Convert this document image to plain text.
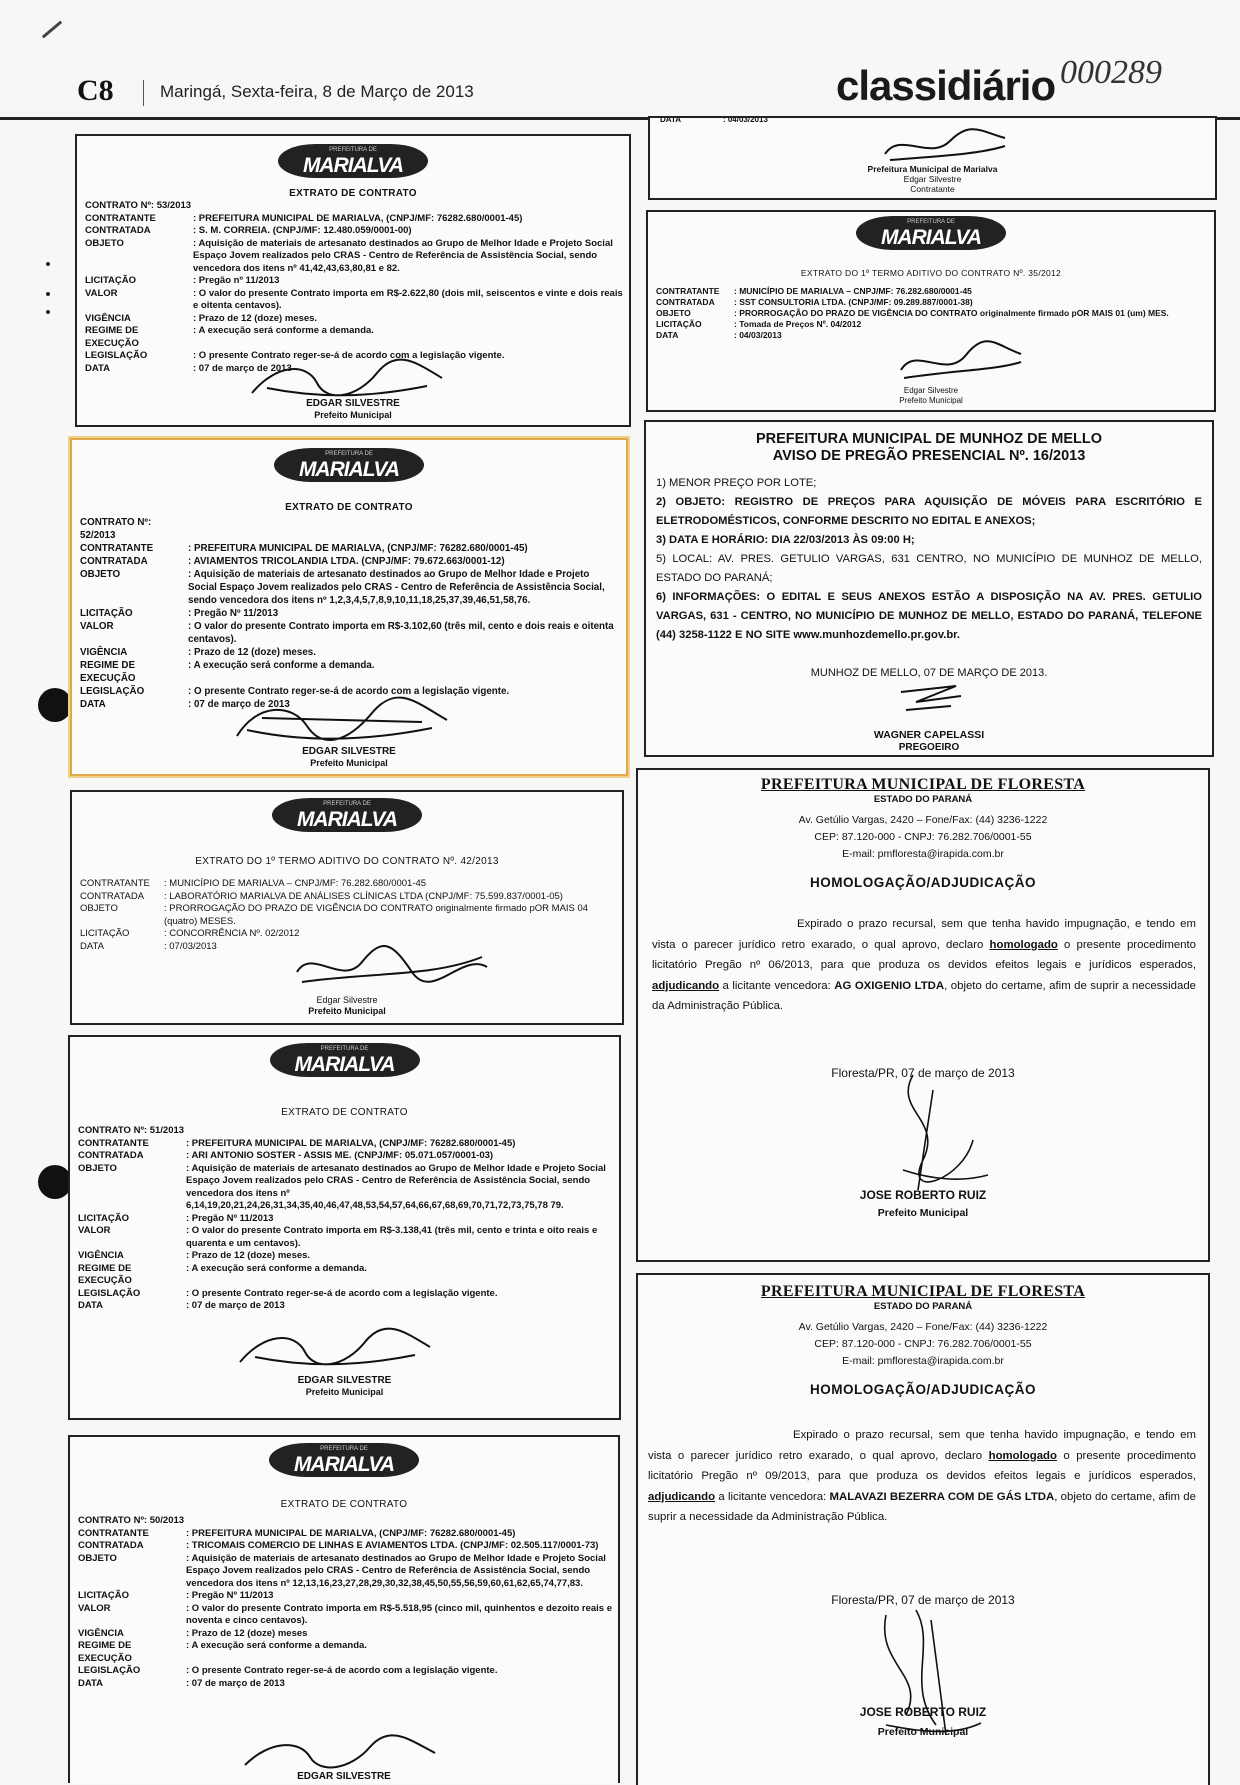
C8	Maringá, Sexta-feira, 8 de Março de 2013	classidiário 000289
PREFEITURA DE
MARIALVA
EXTRATO DE CONTRATO
CONTRATO Nº: 53/2013
CONTRATANTE	: PREFEITURA MUNICIPAL DE MARIALVA, (CNPJ/MF: 76282.680/0001-45)
CONTRATADA	: S. M. CORREIA. (CNPJ/MF: 12.480.059/0001-00)
OBJETO	: Aquisição de materiais de artesanato destinados ao Grupo de Melhor Idade e Projeto Social Espaço Jovem realizados pelo CRAS - Centro de Referência de Assistência Social, sendo vencedora dos itens nº 41,42,43,63,80,81 e 82.
LICITAÇÃO	: Pregão nº 11/2013
VALOR	: O valor do presente Contrato importa em R$-2.622,80 (dois mil, seiscentos e vinte e dois reais e oitenta centavos).
VIGÊNCIA	: Prazo de 12 (doze) meses.
REGIME DE EXECUÇÃO
: A execução será conforme a demanda.
LEGISLAÇÃO	: O presente Contrato reger-se-á de acordo com a legislação vigente.
DATA	: 07 de março de 2013
EDGAR SILVESTRE
Prefeito Municipal
PREFEITURA DE
MARIALVA
EXTRATO DE CONTRATO
CONTRATO Nº: 52/2013
CONTRATANTE	: PREFEITURA MUNICIPAL DE MARIALVA, (CNPJ/MF: 76282.680/0001-45)
CONTRATADA	: AVIAMENTOS TRICOLANDIA LTDA. (CNPJ/MF: 79.672.663/0001-12)
OBJETO	: Aquisição de materiais de artesanato destinados ao Grupo de Melhor Idade e Projeto Social Espaço Jovem realizados pelo CRAS - Centro de Referência de Assistência Social, sendo vencedora dos itens nº 1,2,3,4,5,7,8,9,10,11,18,25,37,39,46,51,58,76.
LICITAÇÃO	: Pregão Nº 11/2013
VALOR	: O valor do presente Contrato importa em R$-3.102,60 (três mil, cento e dois reais e oitenta centavos).
VIGÊNCIA	: Prazo de 12 (doze) meses.
REGIME DE EXECUÇÃO
: A execução será conforme a demanda.
LEGISLAÇÃO	: O presente Contrato reger-se-á de acordo com a legislação vigente.
DATA	: 07 de março de 2013
EDGAR SILVESTRE
Prefeito Municipal
PREFEITURA DE
MARIALVA
EXTRATO DO 1º TERMO ADITIVO DO CONTRATO Nº. 42/2013
CONTRATANTE	: MUNICÍPIO DE MARIALVA – CNPJ/MF: 76.282.680/0001-45
CONTRATADA	: LABORATÓRIO MARIALVA DE ANÁLISES CLÍNICAS LTDA (CNPJ/MF: 75.599.837/0001-05)
OBJETO	: PRORROGAÇÃO DO PRAZO DE VIGÊNCIA DO CONTRATO originalmente firmado pOR MAIS 04 (quatro) MESES.
LICITAÇÃO	: CONCORRÊNCIA Nº. 02/2012
DATA	: 07/03/2013
Edgar Silvestre
Prefeito Municipal
PREFEITURA DE
MARIALVA
EXTRATO DE CONTRATO
CONTRATO Nº: 51/2013
CONTRATANTE	: PREFEITURA MUNICIPAL DE MARIALVA, (CNPJ/MF: 76282.680/0001-45)
CONTRATADA	: ARI ANTONIO SOSTER - ASSIS ME. (CNPJ/MF: 05.071.057/0001-03)
OBJETO	: Aquisição de materiais de artesanato destinados ao Grupo de Melhor Idade e Projeto Social Espaço Jovem realizados pelo CRAS - Centro de Referência de Assistência Social, sendo vencedora dos itens nº 6,14,19,20,21,24,26,31,34,35,40,46,47,48,53,54,57,64,66,67,68,69,70,71,72,73,75,78 79.
LICITAÇÃO	: Pregão Nº 11/2013
VALOR	: O valor do presente Contrato importa em R$-3.138,41 (três mil, cento e trinta e oito reais e quarenta e um centavos).
VIGÊNCIA	: Prazo de 12 (doze) meses.
REGIME DE EXECUÇÃO
: A execução será conforme a demanda.
LEGISLAÇÃO	: O presente Contrato reger-se-á de acordo com a legislação vigente.
DATA	: 07 de março de 2013
EDGAR SILVESTRE
Prefeito Municipal
PREFEITURA DE
MARIALVA
EXTRATO DE CONTRATO
CONTRATO Nº: 50/2013
CONTRATANTE	: PREFEITURA MUNICIPAL DE MARIALVA, (CNPJ/MF: 76282.680/0001-45)
CONTRATADA	: TRICOMAIS COMERCIO DE LINHAS E AVIAMENTOS LTDA. (CNPJ/MF: 02.505.117/0001-73)
OBJETO	: Aquisição de materiais de artesanato destinados ao Grupo de Melhor Idade e Projeto Social Espaço Jovem realizados pelo CRAS - Centro de Referência de Assistência Social, sendo vencedora dos itens nº 12,13,16,23,27,28,29,30,32,38,45,50,55,56,59,60,61,62,65,74,77,83.
LICITAÇÃO	: Pregão Nº 11/2013
VALOR	: O valor do presente Contrato importa em R$-5.518,95 (cinco mil, quinhentos e dezoito reais e noventa e cinco centavos).
VIGÊNCIA	: Prazo de 12 (doze) meses
REGIME DE EXECUÇÃO
: A execução será conforme a demanda.
LEGISLAÇÃO	: O presente Contrato reger-se-á de acordo com a legislação vigente.
DATA	: 07 de março de 2013
EDGAR SILVESTRE
DATA	: 04/03/2013
Prefeitura Municipal de Marialva
Edgar Silvestre
Contratante
PREFEITURA DE
MARIALVA
EXTRATO DO 1º TERMO ADITIVO DO CONTRATO Nº. 35/2012
CONTRATANTE	: MUNICÍPIO DE MARIALVA – CNPJ/MF: 76.282.680/0001-45
CONTRATADA	: SST CONSULTORIA LTDA. (CNPJ/MF: 09.289.887/0001-38)
OBJETO	: PRORROGAÇÃO DO PRAZO DE VIGÊNCIA DO CONTRATO originalmente firmado pOR MAIS 01 (um) MES.
LICITAÇÃO	: Tomada de Preços Nº. 04/2012
DATA	: 04/03/2013
Edgar Silvestre
Prefeito Municipal
PREFEITURA MUNICIPAL DE MUNHOZ DE MELLO
AVISO DE PREGÃO PRESENCIAL Nº. 16/2013

1) MENOR PREÇO POR LOTE;

2) OBJETO: REGISTRO DE PREÇOS PARA AQUISIÇÃO DE MÓVEIS PARA ESCRITÓRIO E ELETRODOMÉSTICOS, CONFORME DESCRITO NO EDITAL E ANEXOS;

3) DATA E HORÁRIO: DIA 22/03/2013 ÀS 09:00 H;

5) LOCAL: AV. PRES. GETULIO VARGAS, 631 CENTRO, NO MUNICÍPIO DE MUNHOZ DE MELLO, ESTADO DO PARANÁ;

6) INFORMAÇÕES: O EDITAL E SEUS ANEXOS ESTÃO A DISPOSIÇÃO NA AV. PRES. GETULIO VARGAS, 631 - CENTRO, NO MUNICÍPIO DE MUNHOZ DE MELLO, ESTADO DO PARANÁ, TELEFONE (44) 3258-1122 E NO SITE www.munhozdemello.pr.gov.br.

MUNHOZ DE MELLO, 07 DE MARÇO DE 2013.
WAGNER CAPELASSI
PREGOEIRO
PREFEITURA MUNICIPAL DE FLORESTA
ESTADO DO PARANÁ
Av. Getúlio Vargas, 2420 – Fone/Fax: (44) 3236-1222
CEP: 87.120-000 - CNPJ: 76.282.706/0001-55
E-mail: pmfloresta@irapida.com.br
HOMOLOGAÇÃO/ADJUDICAÇÃO

Expirado o prazo recursal, sem que tenha havido impugnação, e tendo em vista o parecer jurídico retro exarado, o qual aprovo, declaro homologado o presente procedimento licitatório Pregão nº 06/2013, para que produza os devidos efeitos legais e jurídicos esperados, adjudicando a licitante vencedora: AG OXIGENIO LTDA, objeto do certame, afim de suprir a necessidade da Administração Pública.

Floresta/PR, 07 de março de 2013
JOSE ROBERTO RUIZ
Prefeito Municipal
PREFEITURA MUNICIPAL DE FLORESTA
ESTADO DO PARANÁ
Av. Getúlio Vargas, 2420 – Fone/Fax: (44) 3236-1222
CEP: 87.120-000 - CNPJ: 76.282.706/0001-55
E-mail: pmfloresta@irapida.com.br
HOMOLOGAÇÃO/ADJUDICAÇÃO

Expirado o prazo recursal, sem que tenha havido impugnação, e tendo em vista o parecer jurídico retro exarado, o qual aprovo, declaro homologado o presente procedimento licitatório Pregão nº 09/2013, para que produza os devidos efeitos legais e jurídicos esperados, adjudicando a licitante vencedora: MALAVAZI BEZERRA COM DE GÁS LTDA, objeto do certame, afim de suprir a necessidade da Administração Pública.

Floresta/PR, 07 de março de 2013
JOSE ROBERTO RUIZ
Prefeito Municipal
